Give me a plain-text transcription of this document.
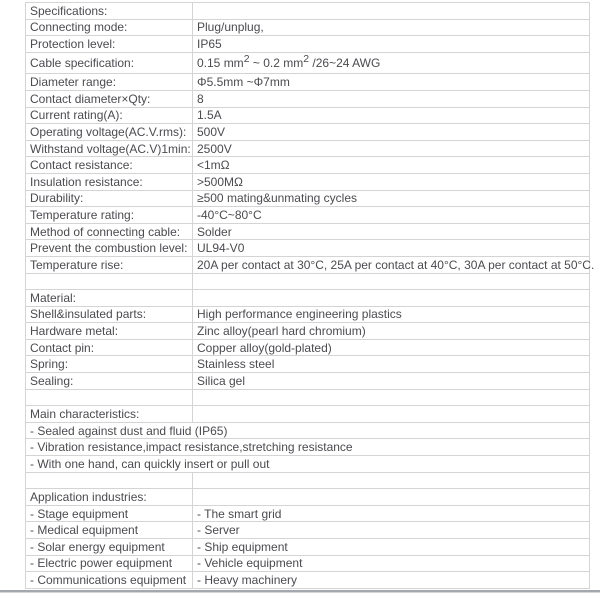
Specifications:	
Connecting mode:	Plug/unplug,
Protection level:	IP65
Cable specification:	0.15 mm2 ~ 0.2 mm2 /26~24 AWG
Diameter range:	Φ5.5mm ~Φ7mm
Contact diameter×Qty:	8
Current rating(A):	1.5A
Operating voltage(AC.V.rms):	500V
Withstand voltage(AC.V)1min:	2500V
Contact resistance:	<1mΩ
Insulation resistance:	>500MΩ
Durability:	≥500 mating&unmating cycles
Temperature rating:	-40°C~80°C
Method of connecting cable:	Solder
Prevent the combustion level:	UL94-V0
Temperature rise:	20A per contact at 30°C, 25A per contact at 40°C, 30A per contact at 50°C.

Material:	
Shell&insulated parts:	High performance engineering plastics
Hardware metal:	Zinc alloy(pearl hard chromium)
Contact pin:	Copper alloy(gold-plated)
Spring:	Stainless steel
Sealing:	Silica gel

Main characteristics:	
- Sealed against dust and fluid (IP65)	
- Vibration resistance,impact resistance,stretching resistance	
- With one hand, can quickly insert or pull out	

Application industries:	
- Stage equipment	- The smart grid
- Medical equipment	- Server
- Solar energy equipment	- Ship equipment
- Electric power equipment	- Vehicle equipment
- Communications equipment	- Heavy machinery
